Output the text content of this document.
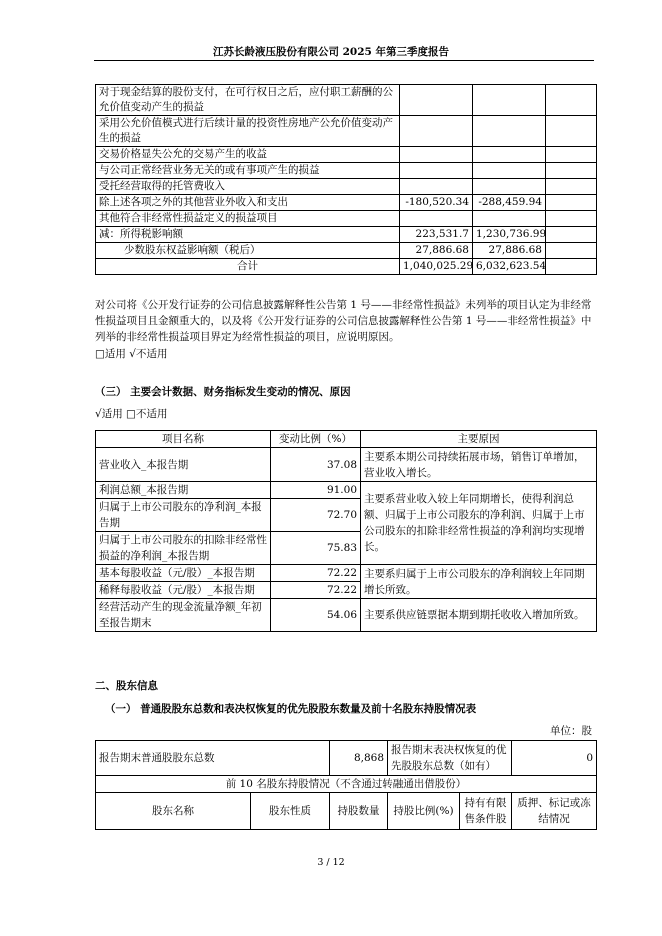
江苏长龄液压股份有限公司 2025 年第三季度报告
对于现金结算的股份支付，在可行权日之后，应付职工薪酬的公允价值变动产生的损益			
采用公允价值模式进行后续计量的投资性房地产公允价值变动产生的损益			
交易价格显失公允的交易产生的收益			
与公司正常经营业务无关的或有事项产生的损益			
受托经营取得的托管费收入			
除上述各项之外的其他营业外收入和支出	-180,520.34	-288,459.94	
其他符合非经常性损益定义的损益项目			
减：所得税影响额	223,531.7	1,230,736.99	
少数股东权益影响额（税后）	27,886.68	27,886.68	
合计	1,040,025.29	6,032,623.54	
对公司将《公开发行证券的公司信息披露解释性公告第 1 号——非经常性损益》未列举的项目认定为非经常性损益项目且金额重大的，以及将《公开发行证券的公司信息披露解释性公告第 1 号——非经常性损益》中列举的非经常性损益项目界定为经常性损益的项目，应说明原因。
□适用 √不适用
（三） 主要会计数据、财务指标发生变动的情况、原因
√适用 □不适用
项目名称	变动比例（%）	主要原因
营业收入_本报告期	37.08	主要系本期公司持续拓展市场，销售订单增加，营业收入增长。
利润总额_本报告期	91.00	主要系营业收入较上年同期增长，使得利润总额、归属于上市公司股东的净利润、归属于上市公司股东的扣除非经常性损益的净利润均实现增长。
归属于上市公司股东的净利润_本报告期	72.70	
归属于上市公司股东的扣除非经常性损益的净利润_本报告期	75.83	
基本每股收益（元/股）_本报告期	72.22	主要系归属于上市公司股东的净利润较上年同期增长所致。
稀释每股收益（元/股）_本报告期	72.22	
经营活动产生的现金流量净额_年初至报告期末	54.06	主要系供应链票据本期到期托收收入增加所致。
二、股东信息
（一） 普通股股东总数和表决权恢复的优先股股东数量及前十名股东持股情况表
单位：股
报告期末普通股股东总数		8,868	报告期末表决权恢复的优先股股东总数（如有）		0
前 10 名股东持股情况（不含通过转融通出借股份）					
股东名称	股东性质	持股数量	持股比例(%)	持有有限售条件股	质押、标记或冻结情况
3 / 12
